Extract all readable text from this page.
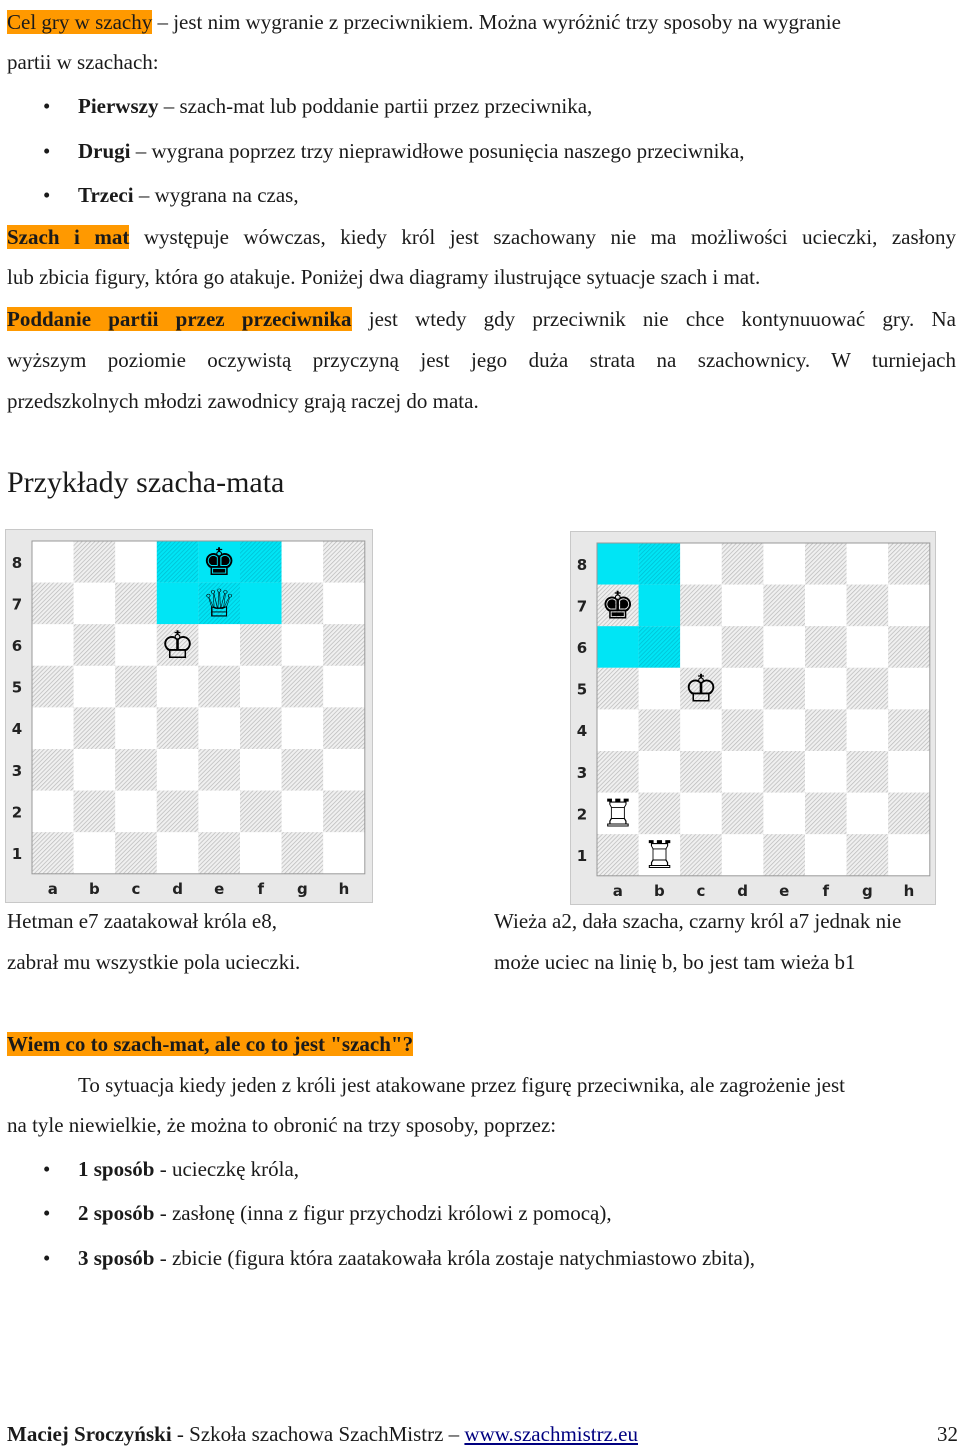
Cel gry w szachy – jest nim wygranie z przeciwnikiem. Można wyróżnić trzy sposoby na wygranie
partii w szachach:
• Pierwszy – szach-mat lub poddanie partii przez przeciwnika,
• Drugi – wygrana poprzez trzy nieprawidłowe posunięcia naszego przeciwnika,
• Trzeci – wygrana na czas,
Szach i mat występuje wówczas, kiedy król jest szachowany nie ma możliwości ucieczki, zasłony
lub zbicia figury, która go atakuje. Poniżej dwa diagramy ilustrujące sytuacje szach i mat.
Poddanie partii przez przeciwnika jest wtedy gdy przeciwnik nie chce kontynuuować gry. Na
wyższym poziomie oczywistą przyczyną jest jego duża strata na szachownicy. W turniejach
przedszkolnych młodzi zawodnicy grają raczej do mata.
Przykłady szacha-mata
8
7
6
5
4
3
2
1
a b c d e f g h
♚
♕
♔
8
7
6
5
4
3
2
1
a b c d e f g h
♚
♔
♖
♖
Hetman e7 zaatakował króla e8,
zabrał mu wszystkie pola ucieczki.
Wieża a2, dała szacha, czarny król a7 jednak nie
może uciec na linię b, bo jest tam wieża b1
Wiem co to szach-mat, ale co to jest "szach"?
To sytuacja kiedy jeden z króli jest atakowane przez figurę przeciwnika, ale zagrożenie jest
na tyle niewielkie, że można to obronić na trzy sposoby, poprzez:
• 1 sposób - ucieczkę króla,
• 2 sposób - zasłonę (inna z figur przychodzi królowi z pomocą),
• 3 sposób - zbicie (figura która zaatakowała króla zostaje natychmiastowo zbita),
Maciej Sroczyński - Szkoła szachowa SzachMistrz – www.szachmistrz.eu	32
